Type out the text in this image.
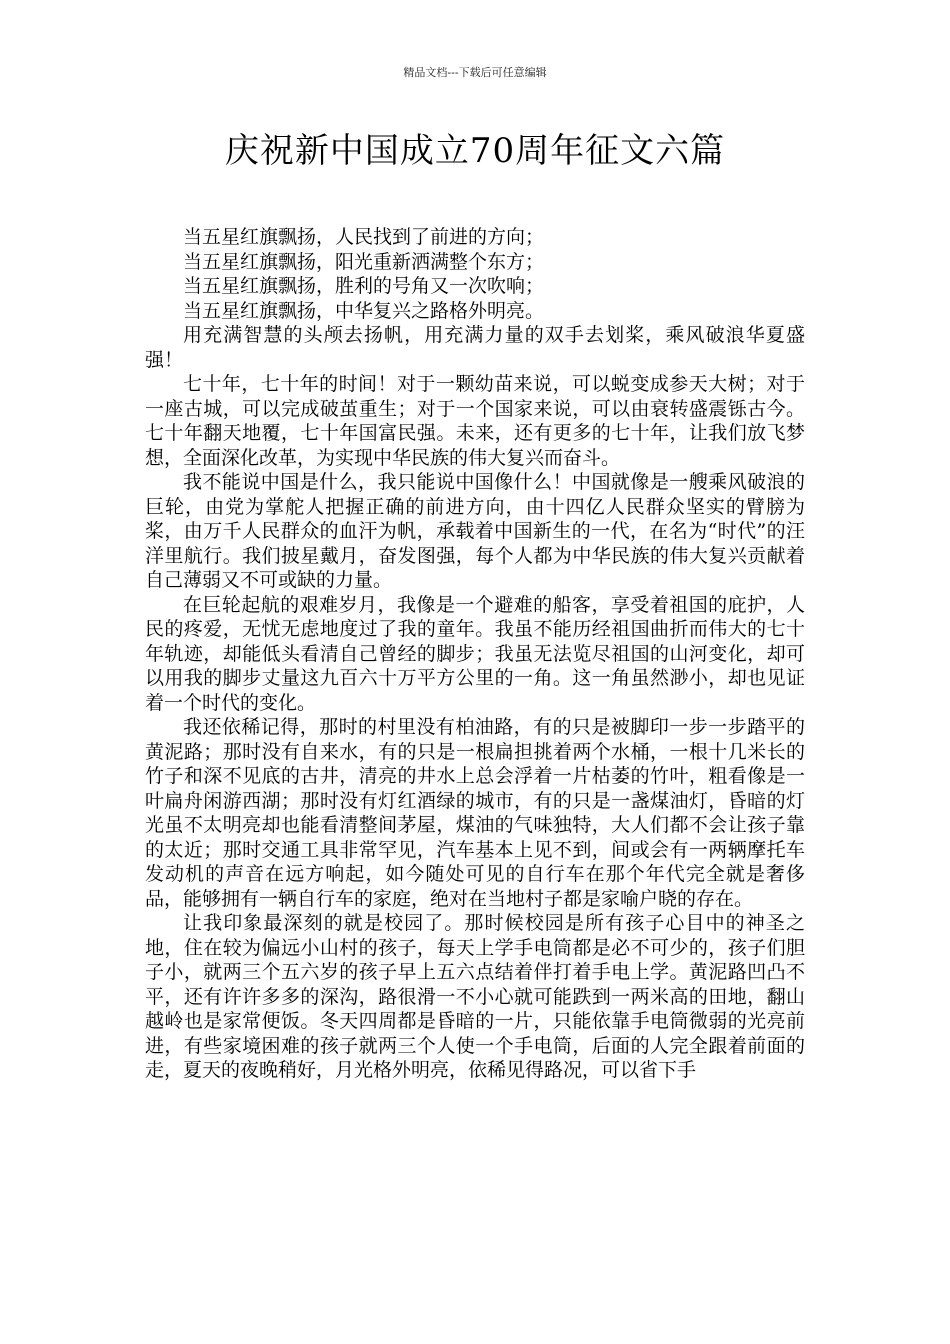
精品文档---下载后可任意编辑
庆祝新中国成立70周年征文六篇

当五星红旗飘扬，人民找到了前进的方向；

当五星红旗飘扬，阳光重新洒满整个东方；

当五星红旗飘扬，胜利的号角又一次吹响；

当五星红旗飘扬，中华复兴之路格外明亮。

用充满智慧的头颅去扬帆，用充满力量的双手去划桨，乘风破浪华夏盛强！

七十年，七十年的时间！对于一颗幼苗来说，可以蜕变成参天大树；对于一座古城，可以完成破茧重生；对于一个国家来说，可以由衰转盛震铄古今。七十年翻天地覆，七十年国富民强。未来，还有更多的七十年，让我们放飞梦想，全面深化改革，为实现中华民族的伟大复兴而奋斗。

我不能说中国是什么，我只能说中国像什么！中国就像是一艘乘风破浪的巨轮，由党为掌舵人把握正确的前进方向，由十四亿人民群众坚实的臂膀为桨，由万千人民群众的血汗为帆，承载着中国新生的一代，在名为“时代”的汪洋里航行。我们披星戴月，奋发图强，每个人都为中华民族的伟大复兴贡献着自己薄弱又不可或缺的力量。

在巨轮起航的艰难岁月，我像是一个避难的船客，享受着祖国的庇护，人民的疼爱，无忧无虑地度过了我的童年。我虽不能历经祖国曲折而伟大的七十年轨迹，却能低头看清自己曾经的脚步；我虽无法览尽祖国的山河变化，却可以用我的脚步丈量这九百六十万平方公里的一角。这一角虽然渺小，却也见证着一个时代的变化。

我还依稀记得，那时的村里没有柏油路，有的只是被脚印一步一步踏平的黄泥路；那时没有自来水，有的只是一根扁担挑着两个水桶，一根十几米长的竹子和深不见底的古井，清亮的井水上总会浮着一片枯萎的竹叶，粗看像是一叶扁舟闲游西湖；那时没有灯红酒绿的城市，有的只是一盏煤油灯，昏暗的灯光虽不太明亮却也能看清整间茅屋，煤油的气味独特，大人们都不会让孩子靠的太近；那时交通工具非常罕见，汽车基本上见不到，间或会有一两辆摩托车发动机的声音在远方响起，如今随处可见的自行车在那个年代完全就是奢侈品，能够拥有一辆自行车的家庭，绝对在当地村子都是家喻户晓的存在。

让我印象最深刻的就是校园了。那时候校园是所有孩子心目中的神圣之地，住在较为偏远小山村的孩子，每天上学手电筒都是必不可少的，孩子们胆子小，就两三个五六岁的孩子早上五六点结着伴打着手电上学。黄泥路凹凸不平，还有许许多多的深沟，路很滑一不小心就可能跌到一两米高的田地，翻山越岭也是家常便饭。冬天四周都是昏暗的一片，只能依靠手电筒微弱的光亮前进，有些家境困难的孩子就两三个人使一个手电筒，后面的人完全跟着前面的走，夏天的夜晚稍好，月光格外明亮，依稀见得路况，可以省下手
